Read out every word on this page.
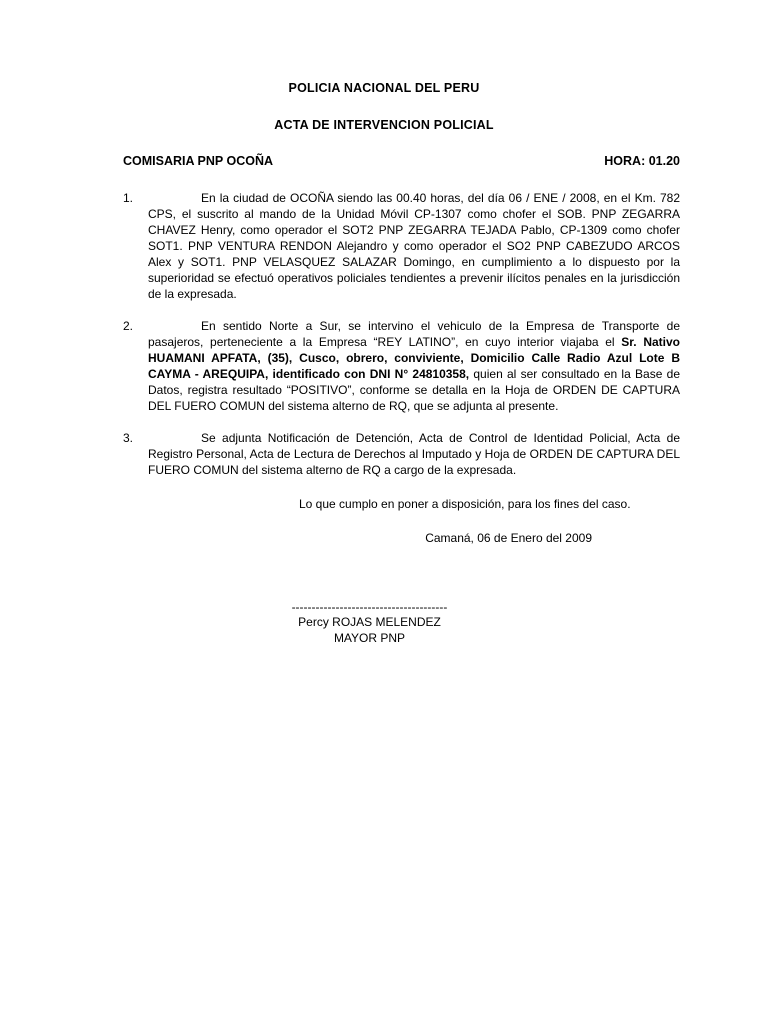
POLICIA NACIONAL DEL PERU
ACTA DE INTERVENCION POLICIAL
COMISARIA PNP OCOÑA	HORA: 01.20
1.	En la ciudad de OCOÑA siendo las 00.40 horas, del día 06 / ENE / 2008, en el Km. 782 CPS, el suscrito al mando de la Unidad Móvil CP-1307 como chofer el SOB. PNP ZEGARRA CHAVEZ Henry, como operador el SOT2 PNP ZEGARRA TEJADA Pablo, CP-1309 como chofer SOT1. PNP VENTURA RENDON Alejandro y como operador el SO2 PNP CABEZUDO ARCOS Alex y SOT1. PNP VELASQUEZ SALAZAR Domingo, en cumplimiento a lo dispuesto por la superioridad se efectuó operativos policiales tendientes a prevenir ilícitos penales en la jurisdicción de la expresada.
2.	En sentido Norte a Sur, se intervino el vehiculo de la Empresa de Transporte de pasajeros, perteneciente a la Empresa “REY LATINO”, en cuyo interior viajaba el Sr. Nativo HUAMANI APFATA, (35), Cusco, obrero, conviviente, Domicilio Calle Radio Azul Lote B CAYMA - AREQUIPA, identificado con DNI N° 24810358, quien al ser consultado en la Base de Datos, registra resultado “POSITIVO”, conforme se detalla en la Hoja de ORDEN DE CAPTURA DEL FUERO COMUN del sistema alterno de RQ, que se adjunta al presente.
3.	Se adjunta Notificación de Detención, Acta de Control de Identidad Policial, Acta de Registro Personal, Acta de Lectura de Derechos al Imputado y Hoja de ORDEN DE CAPTURA DEL FUERO COMUN del sistema alterno de RQ a cargo de la expresada.
Lo que cumplo en poner a disposición, para los fines del caso.
Camaná, 06 de Enero del 2009
---------------------------------------
Percy ROJAS MELENDEZ
MAYOR PNP
